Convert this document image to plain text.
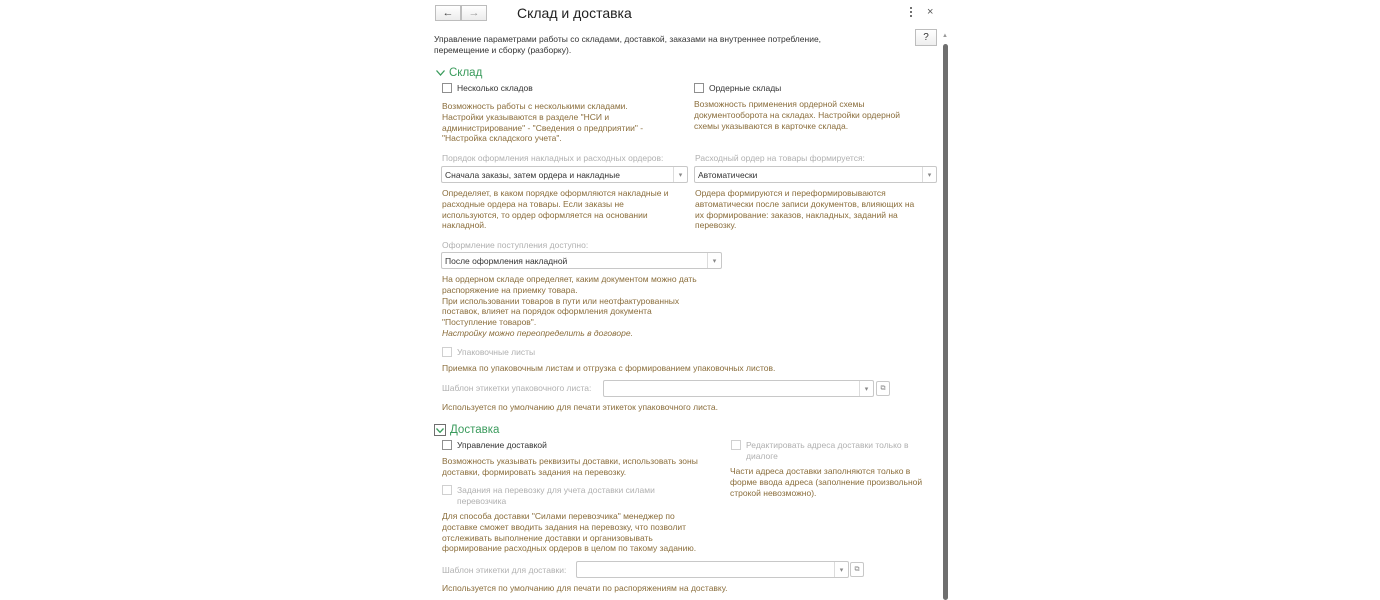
← →	Склад и доставка	×
Управление параметрами работы со складами, доставкой, заказами на внутреннее потребление,
перемещение и сборку (разборку).
? ▲
Склад
Несколько складов
Возможность работы с несколькими складами.
Настройки указываются в разделе "НСИ и
администрирование" - "Сведения о предприятии" -
"Настройка складского учета".
Ордерные склады
Возможность применения ордерной схемы
документооборота на складах. Настройки ордерной
схемы указываются в карточке склада.
Порядок оформления накладных и расходных ордеров:
Сначала заказы, затем ордера и накладные	▾
Определяет, в каком порядке оформляются накладные и
расходные ордера на товары. Если заказы не
используются, то ордер оформляется на основании
накладной.
Расходный ордер на товары формируется:
Автоматически	▾
Ордера формируются и переформировываются
автоматически после записи документов, влияющих на
их формирование: заказов, накладных, заданий на
перевозку.
Оформление поступления доступно:
После оформления накладной	▾
На ордерном складе определяет, каким документом можно дать
распоряжение на приемку товара.
При использовании товаров в пути или неотфактурованных
поставок, влияет на порядок оформления документа
"Поступление товаров".
Настройку можно переопределить в договоре.
Упаковочные листы
Приемка по упаковочным листам и отгрузка с формированием упаковочных листов.
Шаблон этикетки упаковочного листа:	▾	⧉
Используется по умолчанию для печати этикеток упаковочного листа.
Доставка
Управление доставкой
Возможность указывать реквизиты доставки, использовать зоны
доставки, формировать задания на перевозку.
Редактировать адреса доставки только в
диалоге
Части адреса доставки заполняются только в
форме ввода адреса (заполнение произвольной
строкой невозможно).
Задания на перевозку для учета доставки силами
перевозчика
Для способа доставки "Силами перевозчика" менеджер по
доставке сможет вводить задания на перевозку, что позволит
отслеживать выполнение доставки и организовывать
формирование расходных ордеров в целом по такому заданию.
Шаблон этикетки для доставки:	▾	⧉
Используется по умолчанию для печати по распоряжениям на доставку.
